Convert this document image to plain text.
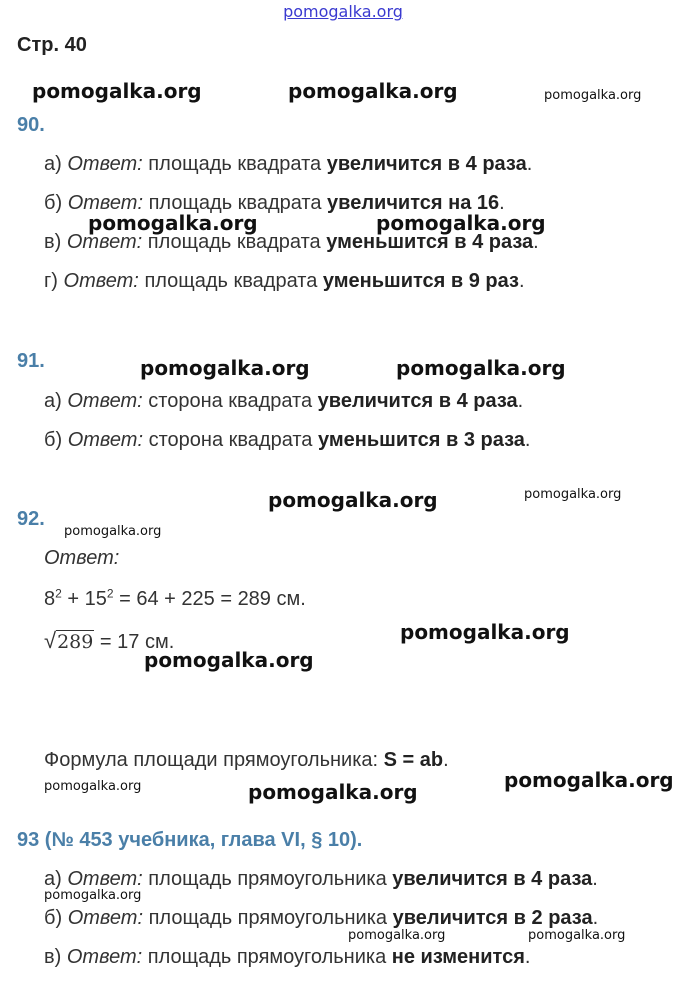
pomogalka.org
Стр. 40
pomogalka.org	pomogalka.org	pomogalka.org
pomogalka.org	pomogalka.org
pomogalka.org	pomogalka.org
pomogalka.org	pomogalka.org
pomogalka.org
pomogalka.org
pomogalka.org
pomogalka.org
pomogalka.org	pomogalka.org
pomogalka.org
pomogalka.org	pomogalka.org
90.
а) Ответ: площадь квадрата увеличится в 4 раза.
б) Ответ: площадь квадрата увеличится на 16.
в) Ответ: площадь квадрата уменьшится в 4 раза.
г) Ответ: площадь квадрата уменьшится в 9 раз.
91.
а) Ответ: сторона квадрата увеличится в 4 раза.
б) Ответ: сторона квадрата уменьшится в 3 раза.
92.
Ответ:
$8^2 + 15^2 = 64 + 225 = 289$ см.
√289 = 17 см.
Формула площади прямоугольника: S = ab.
93 (№ 453 учебника, глава VI, § 10).
а) Ответ: площадь прямоугольника увеличится в 4 раза.
б) Ответ: площадь прямоугольника увеличится в 2 раза.
в) Ответ: площадь прямоугольника не изменится.
